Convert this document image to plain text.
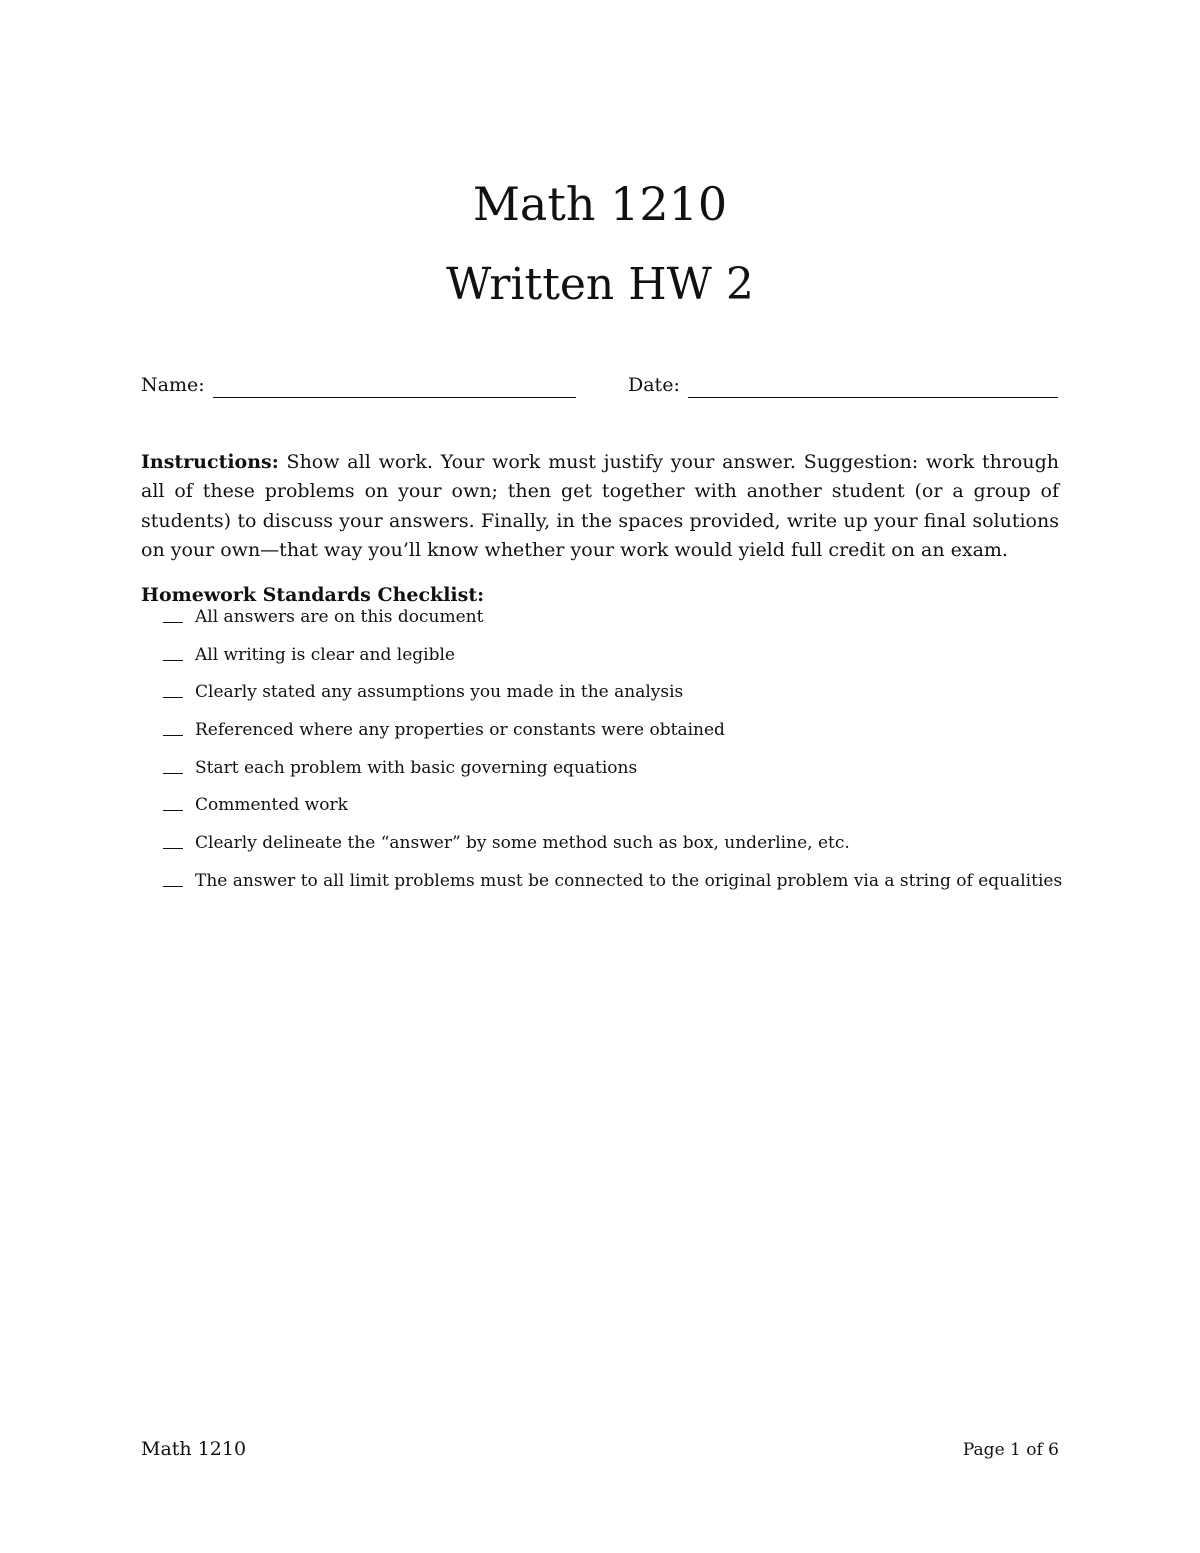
Math 1210
Written HW 2
Name:	Date:
Instructions: Show all work. Your work must justify your answer. Suggestion: work through all of these problems on your own; then get together with another student (or a group of students) to discuss your answers. Finally, in the spaces provided, write up your final solutions on your own—that way you’ll know whether your work would yield full credit on an exam.
Homework Standards Checklist:
All answers are on this document
All writing is clear and legible
Clearly stated any assumptions you made in the analysis
Referenced where any properties or constants were obtained
Start each problem with basic governing equations
Commented work
Clearly delineate the “answer” by some method such as box, underline, etc.
The answer to all limit problems must be connected to the original problem via a string of equalities
Math 1210	Page 1 of 6
